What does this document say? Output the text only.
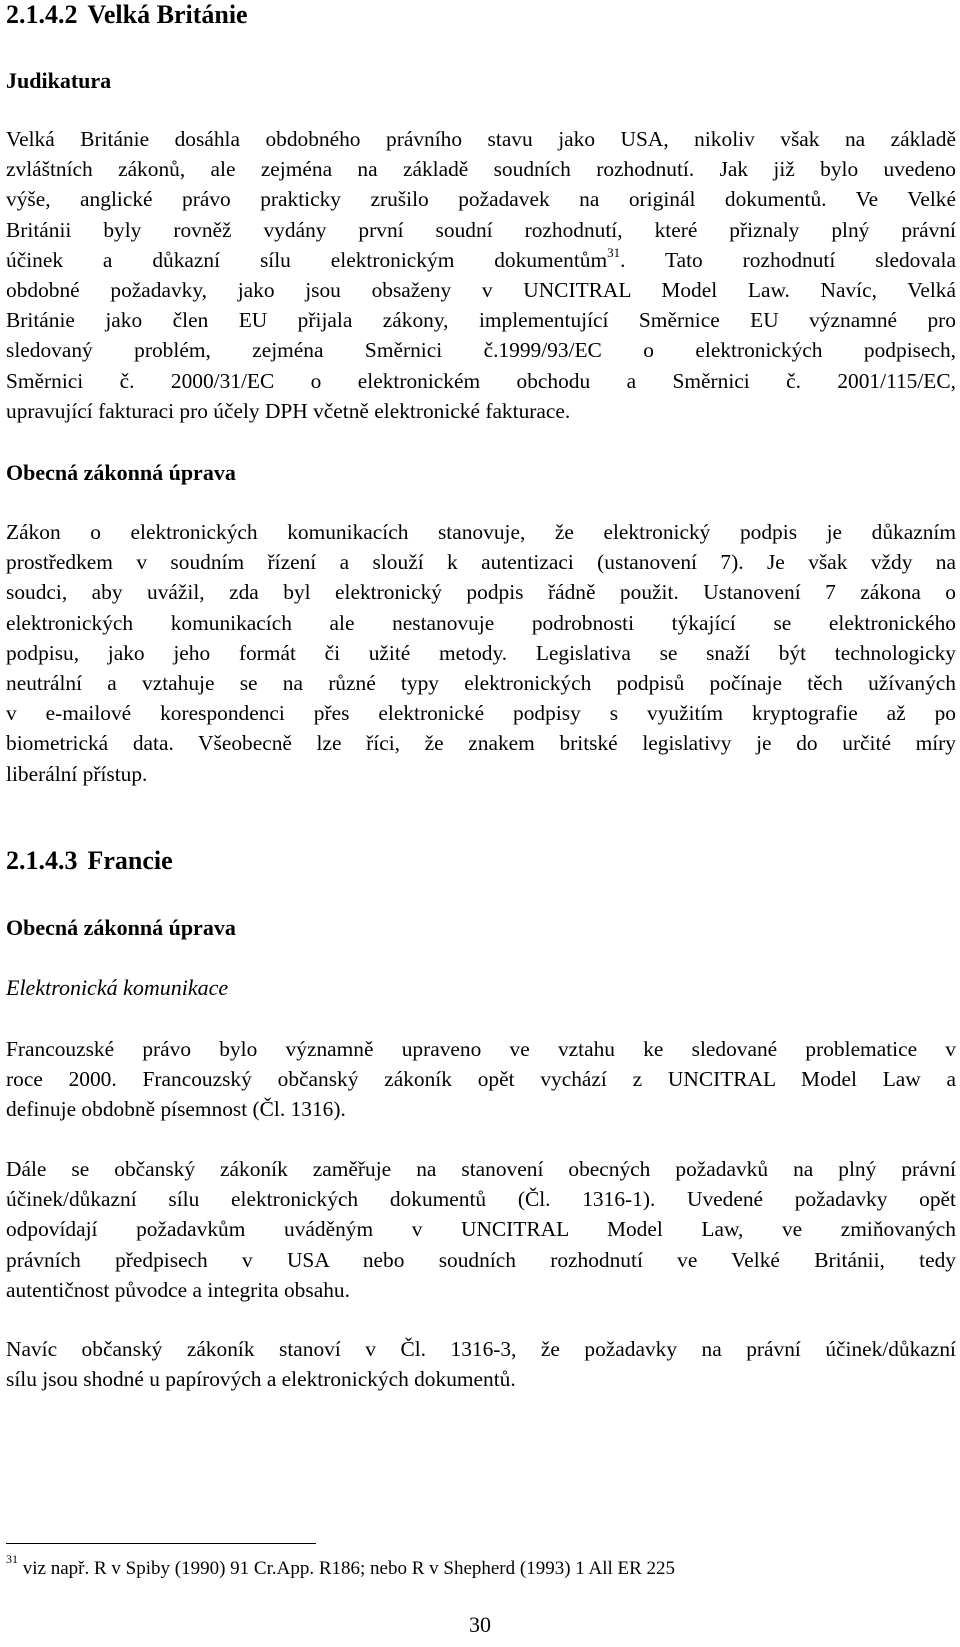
2.1.4.2 Velká Británie
Judikatura
Velká Británie dosáhla obdobného právního stavu jako USA, nikoliv však na základě
zvláštních zákonů, ale zejména na základě soudních rozhodnutí. Jak již bylo uvedeno
výše, anglické právo prakticky zrušilo požadavek na originál dokumentů. Ve Velké
Británii byly rovněž vydány první soudní rozhodnutí, které přiznaly plný právní
účinek a důkazní sílu elektronickým dokumentům$^{31}$. Tato rozhodnutí sledovala
obdobné požadavky, jako jsou obsaženy v UNCITRAL Model Law. Navíc, Velká
Británie jako člen EU přijala zákony, implementující Směrnice EU významné pro
sledovaný problém, zejména Směrnici č.1999/93/EC o elektronických podpisech,
Směrnici č. 2000/31/EC o elektronickém obchodu a Směrnici č. 2001/115/EC,
upravující fakturaci pro účely DPH včetně elektronické fakturace.
Obecná zákonná úprava
Zákon o elektronických komunikacích stanovuje, že elektronický podpis je důkazním
prostředkem v soudním řízení a slouží k autentizaci (ustanovení 7). Je však vždy na
soudci, aby uvážil, zda byl elektronický podpis řádně použit. Ustanovení 7 zákona o
elektronických komunikacích ale nestanovuje podrobnosti týkající se elektronického
podpisu, jako jeho formát či užité metody. Legislativa se snaží být technologicky
neutrální a vztahuje se na různé typy elektronických podpisů počínaje těch užívaných
v e-mailové korespondenci přes elektronické podpisy s využitím kryptografie až po
biometrická data. Všeobecně lze říci, že znakem britské legislativy je do určité míry
liberální přístup.
2.1.4.3 Francie
Obecná zákonná úprava
Elektronická komunikace
Francouzské právo bylo významně upraveno ve vztahu ke sledované problematice v
roce 2000. Francouzský občanský zákoník opět vychází z UNCITRAL Model Law a
definuje obdobně písemnost (Čl. 1316).
Dále se občanský zákoník zaměřuje na stanovení obecných požadavků na plný právní
účinek/důkazní sílu elektronických dokumentů (Čl. 1316-1). Uvedené požadavky opět
odpovídají požadavkům uváděným v UNCITRAL Model Law, ve zmiňovaných
právních předpisech v USA nebo soudních rozhodnutí ve Velké Británii, tedy
autentičnost původce a integrita obsahu.
Navíc občanský zákoník stanoví v Čl. 1316-3, že požadavky na právní účinek/důkazní
sílu jsou shodné u papírových a elektronických dokumentů.

$^{31}$ viz např. R v Spiby (1990) 91 Cr.App. R186; nebo R v Shepherd (1993) 1 All ER 225

30
